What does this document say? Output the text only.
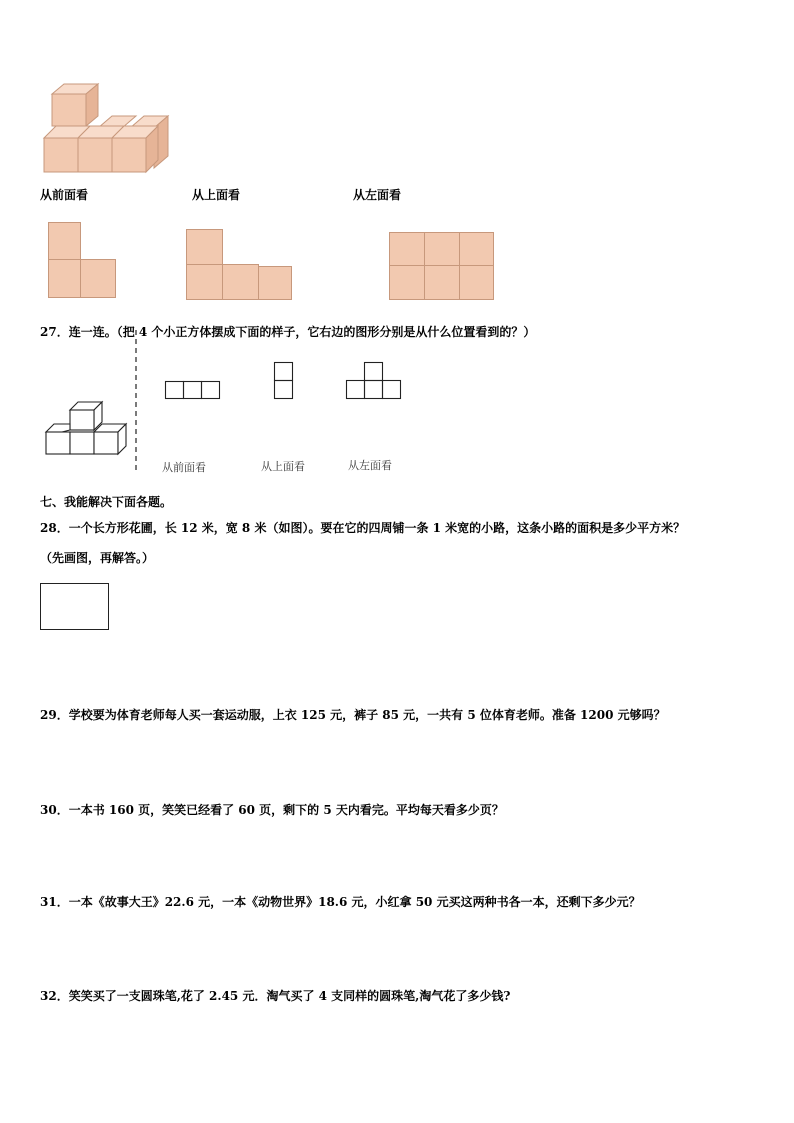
从前面看	从上面看	从左面看
27．连一连。（把 4 个小正方体摆成下面的样子，它右边的图形分别是从什么位置看到的？）
从前面看	从上面看	从左面看
七、我能解决下面各题。
28．一个长方形花圃，长 12 米，宽 8 米（如图）。要在它的四周铺一条 1 米宽的小路，这条小路的面积是多少平方米？
（先画图，再解答。）
29．学校要为体育老师每人买一套运动服，上衣 125 元，裤子 85 元，一共有 5 位体育老师。准备 1200 元够吗？
30．一本书 160 页，笑笑已经看了 60 页，剩下的 5 天内看完。平均每天看多少页？
31．一本《故事大王》22.6 元，一本《动物世界》18.6 元，小红拿 50 元买这两种书各一本，还剩下多少元？
32．笑笑买了一支圆珠笔,花了 2.45 元．淘气买了 4 支同样的圆珠笔,淘气花了多少钱?
